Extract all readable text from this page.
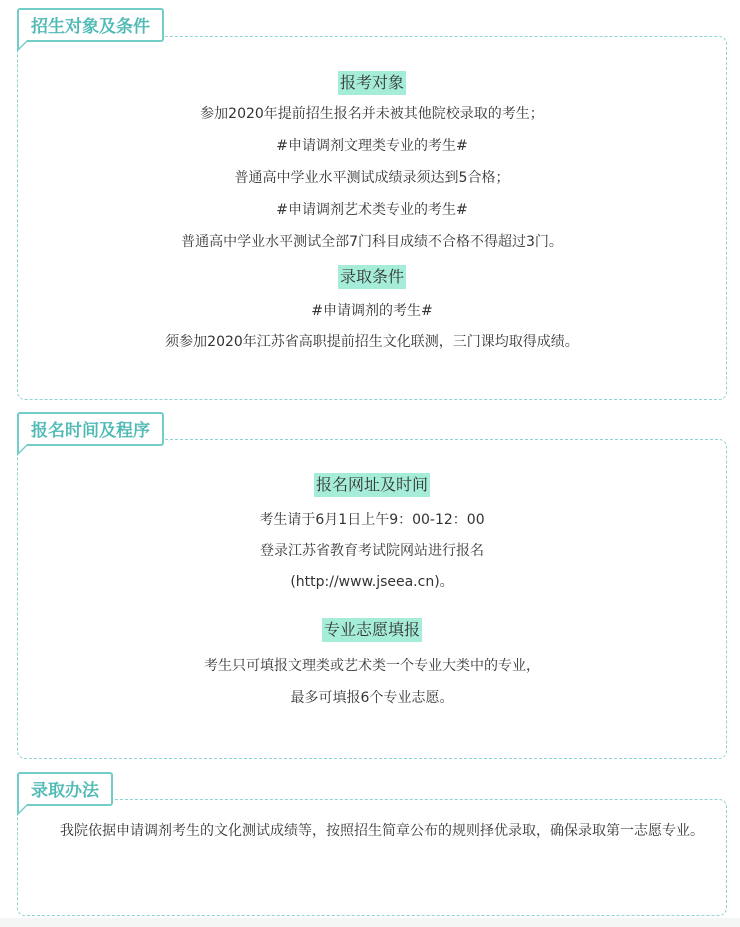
招生对象及条件
报考对象
参加2020年提前招生报名并未被其他院校录取的考生；
#申请调剂文理类专业的考生#
普通高中学业水平测试成绩录须达到5合格；
#申请调剂艺术类专业的考生#
普通高中学业水平测试全部7门科目成绩不合格不得超过3门。
录取条件
#申请调剂的考生#
须参加2020年江苏省高职提前招生文化联测，三门课均取得成绩。
报名时间及程序
报名网址及时间
考生请于6月1日上午9：00-12：00
登录江苏省教育考试院网站进行报名
(http://www.jseea.cn)。
专业志愿填报
考生只可填报文理类或艺术类一个专业大类中的专业，
最多可填报6个专业志愿。
录取办法
我院依据申请调剂考生的文化测试成绩等，按照招生简章公布的规则择优录取，确保录取第一志愿专业。
